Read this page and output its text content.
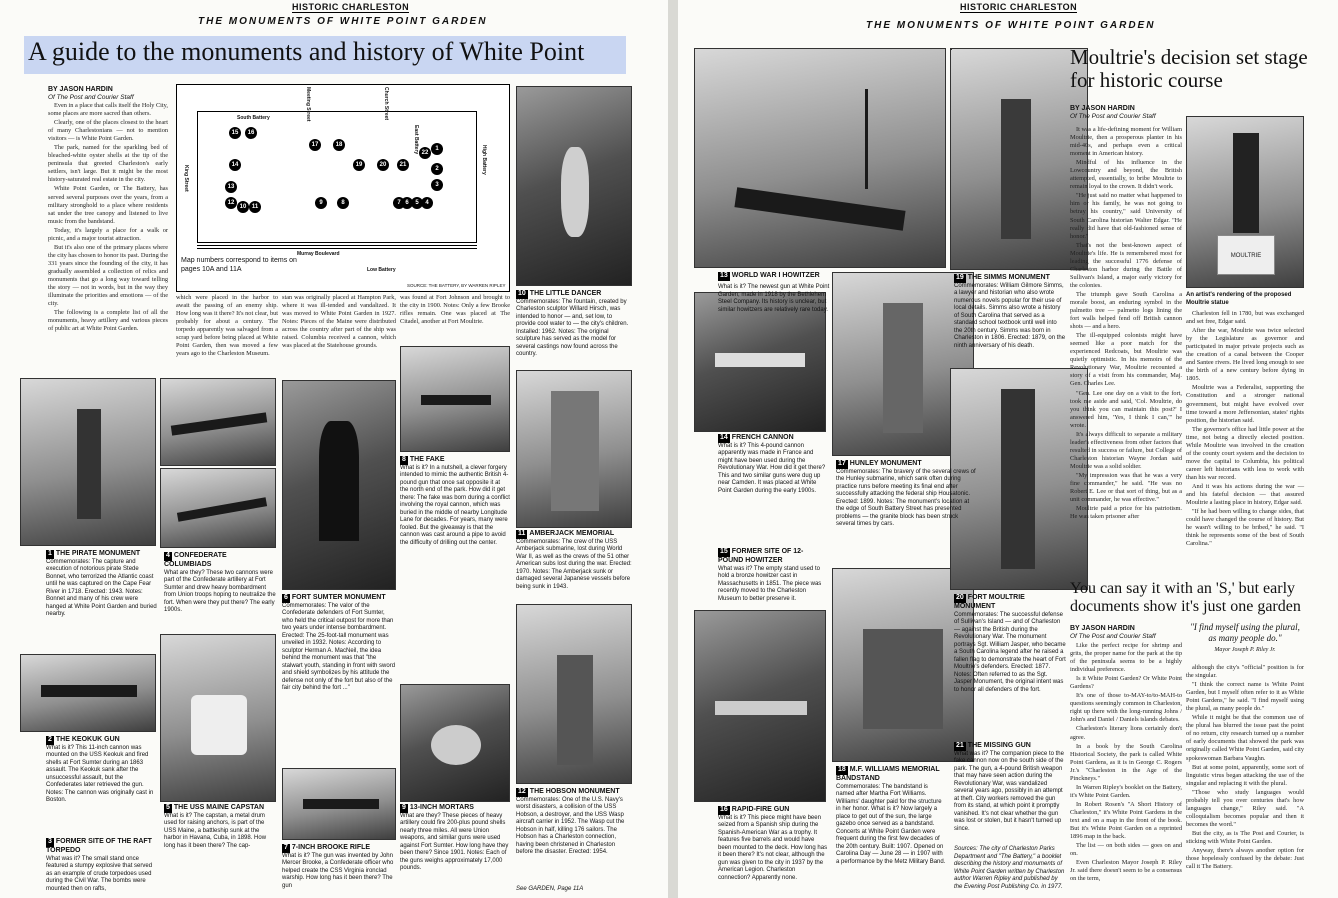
HISTORIC CHARLESTON
THE MONUMENTS OF WHITE POINT GARDEN
A guide to the monuments and history of White Point
BY JASON HARDIN
Of The Post and Courier Staff

Even in a place that calls itself the Holy City, some places are more sacred than others.

Clearly, one of the places closest to the heart of many Charlestonians — not to mention visitors — is White Point Garden.

The park, named for the sparkling bed of bleached-white oyster shells at the tip of the peninsula that greeted Charleston's early settlers, isn't large. But it might be the most history-saturated real estate in the city.

White Point Garden, or The Battery, has served several purposes over the years, from a military stronghold to a place where residents sat under the tree canopy and listened to live music from the bandstand.

Today, it's largely a place for a walk or picnic, and a major tourist attraction.

But it's also one of the primary places where the city has chosen to honor its past. During the 331 years since the founding of the city, it has gradually assembled a collection of relics and monuments that go a long way toward telling the story — not in words, but in the way they illuminate the priorities and emotions — of the city.

The following is a complete list of all the monuments, heavy artillery and various pieces of public art at White Point Garden.

South Battery
King Street
Murray Boulevard
Low Battery
East Battery
Meeting Street	Church Street
High Battery
15	16
17	18
19	20	21
22
14
13
12
11
10
9	8	7 6	5	4
3
2
1
Map numbers correspond to items on pages 10A and 11A
SOURCE: THE BATTERY, BY WARREN RIPLEY
which were placed in the harbor to await the passing of an enemy ship. How long was it there? It's not clear, but probably for about a century. The torpedo apparently was salvaged from a scrap yard before being placed at White Point Garden, then was moved a few years ago to the Charleston Museum.
stan was originally placed at Hampton Park, where it was ill-tended and vandalized. It was moved to White Point Garden in 1927. Notes: Pieces of the Maine were distributed across the country after part of the ship was raised. Columbia received a cannon, which was placed at the Statehouse grounds.
was found at Fort Johnson and brought to the city in 1900. Notes: Only a few Brooke rifles remain. One was placed at The Citadel, another at Fort Moultrie.
1 THE PIRATE MONUMENT
Commemorates: The capture and execution of notorious pirate Stede Bonnet, who terrorized the Atlantic coast until he was captured on the Cape Fear River in 1718. Erected: 1943. Notes: Bonnet and many of his crew were hanged at White Point Garden and buried nearby.
2 THE KEOKUK GUN
What is it? This 11-inch cannon was mounted on the USS Keokuk and fired shells at Fort Sumter during an 1863 assault. The Keokuk sank after the unsuccessful assault, but the Confederates later retrieved the gun. Notes: The cannon was originally cast in Boston.
3 FORMER SITE OF THE RAFT TORPEDO
What was it? The small stand once featured a stumpy explosive that served as an example of crude torpedoes used during the Civil War. The bombs were mounted then on rafts,
4 CONFEDERATE COLUMBIADS
What are they? These two cannons were part of the Confederate artillery at Fort Sumter and drew heavy bombardment from Union troops hoping to neutralize the fort. When were they put there? The early 1900s.
5 THE USS MAINE CAPSTAN
What is it? The capstan, a metal drum used for raising anchors, is part of the USS Maine, a battleship sunk at the harbor in Havana, Cuba, in 1898. How long has it been there? The cap-
6 FORT SUMTER MONUMENT
Commemorates: The valor of the Confederate defenders of Fort Sumter, who held the critical outpost for more than two years under intense bombardment. Erected: The 25-foot-tall monument was unveiled in 1932. Notes: According to sculptor Herman A. MacNeil, the idea behind the monument was that "the stalwart youth, standing in front with sword and shield symbolizes by his attitude the defense not only of the fort but also of the fair city behind the fort ..."
7 7-INCH BROOKE RIFLE
What is it? The gun was invented by John Mercer Brooke, a Confederate officer who helped create the CSS Virginia ironclad warship. How long has it been there? The gun
8 THE FAKE
What is it? In a nutshell, a clever forgery intended to mimic the authentic British 4-pound gun that once sat opposite it at the north end of the park. How did it get there: The fake was born during a conflict involving the royal cannon, which was buried in the middle of nearby Longitude Lane for decades. For years, many were fooled. But the giveaway is that the cannon was cast around a pipe to avoid the difficulty of drilling out the center.
9 13-INCH MORTARS
What are they? These pieces of heavy artillery could fire 200-plus pound shells nearly three miles. All were Union weapons, and similar guns were used against Fort Sumter. How long have they been there? Since 1901. Notes: Each of the guns weighs approximately 17,000 pounds.
10 THE LITTLE DANCER
Commemorates: The fountain, created by Charleston sculptor Willard Hirsch, was intended to honor — and, set low, to provide cool water to — the city's children. Installed: 1962. Notes: The original sculpture has served as the model for several castings now found across the country.
11 AMBERJACK MEMORIAL
Commemorates: The crew of the USS Amberjack submarine, lost during World War II, as well as the crews of the 51 other American subs lost during the war. Erected: 1970. Notes: The Amberjack sunk or damaged several Japanese vessels before being sunk in 1943.
12 THE HOBSON MONUMENT
Commemorates: One of the U.S. Navy's worst disasters, a collision of the USS Hobson, a destroyer, and the USS Wasp aircraft carrier in 1952. The Wasp cut the Hobson in half, killing 176 sailors. The Hobson has a Charleston connection, having been christened in Charleston before the disaster. Erected: 1954.
See GARDEN, Page 11A
HISTORIC CHARLESTON
THE MONUMENTS OF WHITE POINT GARDEN
13 WORLD WAR I HOWITZER
14 FRENCH CANNON
What is it? This 4-pound cannon apparently was made in France and might have been used during the Revolutionary War. How did it get there? This and two similar guns were dug up near Camden. It was placed at White Point Garden during the early 1900s.
15 FORMER SITE OF 12-POUND HOWITZER
What was it? The empty stand used to hold a bronze howitzer cast in Massachusetts in 1851. The piece was recently moved to the Charleston Museum to better preserve it.
16 RAPID-FIRE GUN
What is it? This piece might have been seized from a Spanish ship during the Spanish-American War as a trophy. It features five barrels and would have been mounted to the deck. How long has it been there? It's not clear, although the gun was given to the city in 1937 by the American Legion. Charleston connection? Apparently none.
17 HUNLEY MONUMENT
Commemorates: The bravery of the several crews of the Hunley submarine, which sank often during practice runs before meeting its final end after successfully attacking the federal ship Housatonic. Erected: 1899. Notes: The monument's location at the edge of South Battery Street has presented problems — the granite block has been struck several times by cars.
18 M.F. WILLIAMS MEMORIAL BANDSTAND
Commemorates: The bandstand is named after Martha Fort Williams. Williams' daughter paid for the structure in her honor. What is it? Now largely a place to get out of the sun, the large gazebo once served as a bandstand. Concerts at White Point Garden were frequent during the first few decades of the 20th century. Built: 1907. Opened on Carolina Day — June 28 — in 1907 with a performance by the Metz Military Band.
19 THE SIMMS MONUMENT
Commemorates: William Gilmore Simms, a lawyer and historian who also wrote numerous novels popular for their use of local details. Simms also wrote a history of South Carolina that served as a standard school textbook until well into the 20th century. Simms was born in Charleston in 1806. Erected: 1879, on the ninth anniversary of his death.
20 FORT MOULTRIE MONUMENT
Commemorates: The successful defense of Sullivan's Island — and of Charleston — against the British during the Revolutionary War. The monument portrays Sgt. William Jasper, who became a South Carolina legend after he raised a fallen flag to demonstrate the heart of Fort Moultrie's defenders. Erected: 1877. Notes: Often referred to as the Sgt. Jasper Monument, the original intent was to honor all defenders of the fort.
21 THE MISSING GUN
What was it? The companion piece to the fake cannon now on the south side of the park. The gun, a 4-pound British weapon that may have seen action during the Revolutionary War, was vandalized several years ago, possibly in an attempt at theft. City workers removed the gun from its stand, at which point it promptly vanished. It's not clear whether the gun was lost or stolen, but it hasn't turned up since.
Sources: The city of Charleston Parks Department and "The Battery," a booklet describing the history and monuments of White Point Garden written by Charleston author Warren Ripley and published by the Evening Post Publishing Co. in 1977.
Moultrie's decision set stage for historic course
BY JASON HARDIN
Of The Post and Courier Staff

It was a life-defining moment for William Moultrie, then a prosperous planter in his mid-40s, and perhaps even a critical moment in American history.

Mindful of his influence in the Lowcountry and beyond, the British attempted, essentially, to bribe Moultrie to remain loyal to the crown. It didn't work.

"He just said no matter what happened to him or his family, he was not going to betray his country," said University of South Carolina historian Walter Edgar. "He really did have that old-fashioned sense of honor."

That's not the best-known aspect of Moultrie's life. He is remembered most for leading the successful 1776 defense of Charleston harbor during the Battle of Sullivan's Island, a major early victory for the colonies.

The triumph gave South Carolina a morale boost, an enduring symbol in the palmetto tree — palmetto logs lining the fort walls helped fend off British cannon shots — and a hero.

The ill-equipped colonists might have seemed like a poor match for the experienced Redcoats, but Moultrie was quietly optimistic. In his memoirs of the Revolutionary War, Moultrie recounted a story of a visit from his commander, Maj. Gen. Charles Lee.

"Gen. Lee one day on a visit to the fort, took me aside and said, 'Col. Moultrie, do you think you can maintain this post?' I answered him, 'Yes, I think I can,'" he wrote.

It's always difficult to separate a military leader's effectiveness from other factors that resulted in success or failure, but College of Charleston historian Wayne Jordan said Moultrie was a solid soldier.

"My impression was that he was a very fine commander," he said. "He was no Robert E. Lee or that sort of thing, but as a unit commander, he was effective."

Moultrie paid a price for his patriotism. He was taken prisoner after

MOULTRIE
An artist's rendering of the proposed Moultrie statue

Charleston fell in 1780, but was exchanged and set free, Edgar said.

After the war, Moultrie was twice selected by the Legislature as governor and participated in major private projects such as the creation of a canal between the Cooper and Santee rivers. He lived long enough to see the birth of a new century before dying in 1805.

Moultrie was a Federalist, supporting the Constitution and a stronger national government, but might have evolved over time toward a more Jeffersonian, states' rights position, the historian said.

The governor's office had little power at the time, not being a directly elected position. While Moultrie was involved in the creation of the county court system and the decision to move the capital to Columbia, his political career left historians with less to work with than his war record.

And it was his actions during the war — and his fateful decision — that assured Moultrie a lasting place in history, Edgar said.

"If he had been willing to change sides, that could have changed the course of history. But he wasn't willing to be bribed," he said. "I think he represents some of the best of South Carolina."

You can say it with an 'S,' but early documents show it's just one garden
BY JASON HARDIN
Of The Post and Courier Staff

Like the perfect recipe for shrimp and grits, the proper name for the park at the tip of the peninsula seems to be a highly individual preference.

Is it White Point Garden? Or White Point Gardens?

It's one of those to-MAY-to/to-MAH-to questions seemingly common in Charleston, right up there with the long-running Johns / John's and Daniel / Daniels islands debates.

Charleston's literary lions certainly don't agree.

In a book by the South Carolina Historical Society, the park is called White Point Gardens, as it is in George C. Rogers Jr.'s "Charleston in the Age of the Pinckneys."

In Warren Ripley's booklet on the Battery, it's White Point Garden.

In Robert Rosen's "A Short History of Charleston," it's White Point Gardens in the text and on a map in the front of the book. But it's White Point Garden on a reprinted 1896 map in the back.

The list — on both sides — goes on and on.

Even Charleston Mayor Joseph P. Riley Jr. said there doesn't seem to be a consensus on the term,

"I find myself using the plural, as many people do."
Mayor Joseph P. Riley Jr.

although the city's "official" position is for the singular.

"I think the correct name is White Point Garden, but I myself often refer to it as White Point Gardens," he said. "I find myself using the plural, as many people do."

While it might be that the common use of the plural has blurred the issue past the point of no return, city research turned up a number of early documents that showed the park was originally called White Point Garden, said city spokeswoman Barbara Vaughn.

But at some point, apparently, some sort of linguistic virus began attacking the use of the singular and replacing it with the plural.

"Those who study languages would probably tell you over centuries that's how languages change," Riley said. "A colloquialism becomes popular and then it becomes the word."

But the city, as is The Post and Courier, is sticking with White Point Garden.

Anyway, there's always another option for those hopelessly confused by the debate: Just call it The Battery.

What is it? The newest gun at White Point Garden, made in 1918 by the Bethlehem Steel Company. Its history is unclear, but similar howitzers are relatively rare today.
